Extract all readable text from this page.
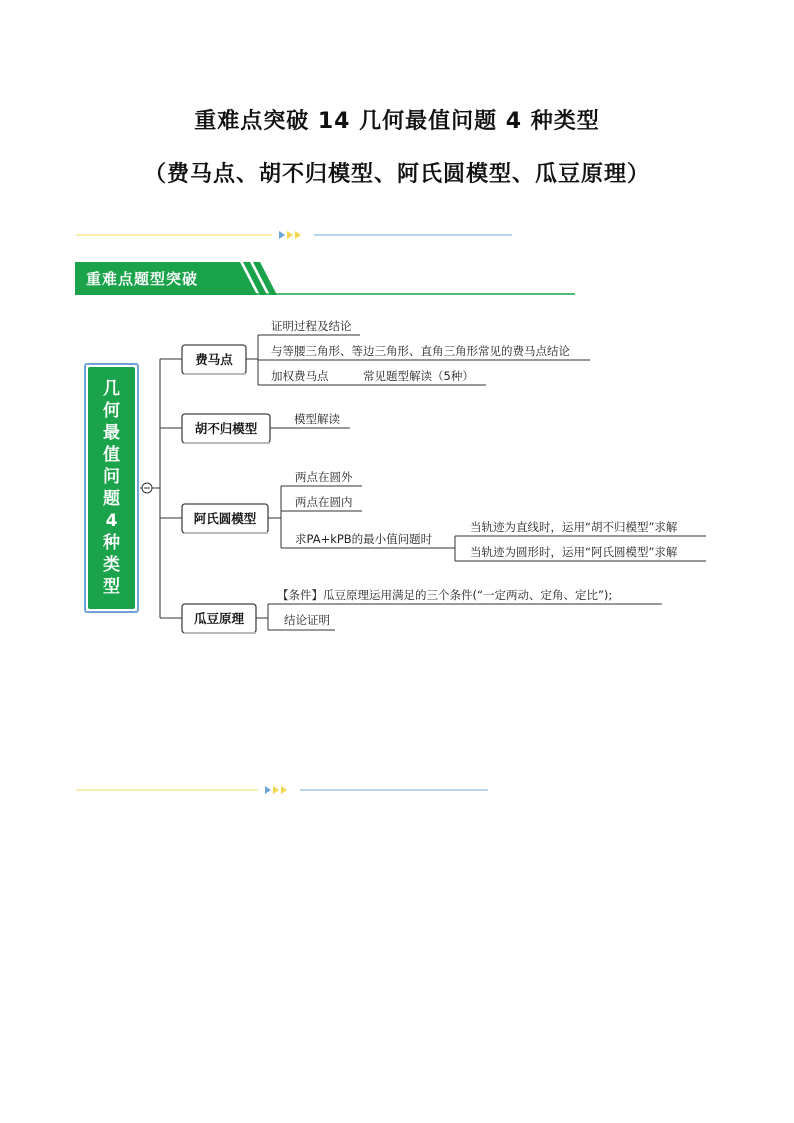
重难点突破 14 几何最值问题 4 种类型
（费马点、胡不归模型、阿氏圆模型、瓜豆原理）
重难点题型突破
费马点
胡不归模型
阿氏圆模型
瓜豆原理
证明过程及结论
与等腰三角形、等边三角形、直角三角形常见的费马点结论
加权费马点	常见题型解读（5种）
模型解读
两点在圆外
两点在圆内
求PA+kPB的最小值问题时
当轨迹为直线时，运用“胡不归模型”求解
当轨迹为圆形时，运用“阿氏圆模型”求解
【条件】瓜豆原理运用满足的三个条件(“一定两动、定角、定比”);
结论证明
几
何
最
值
问
题
4
种
类
型
